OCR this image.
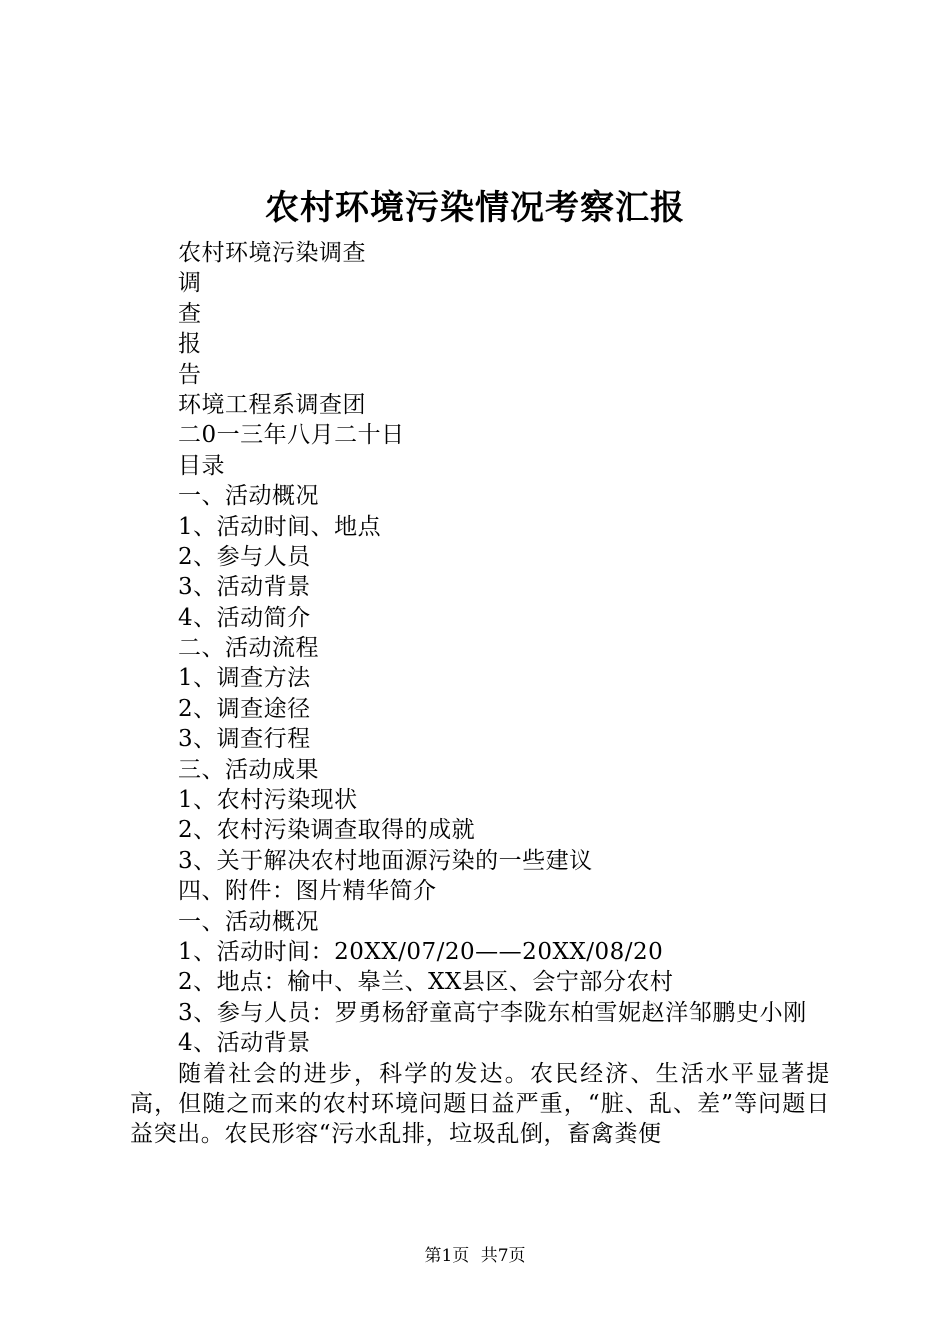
农村环境污染情况考察汇报
农村环境污染调查
调
查
报
告
环境工程系调查团
二0一三年八月二十日
目录
一、活动概况
1、活动时间、地点
2、参与人员
3、活动背景
4、活动简介
二、活动流程
1、调查方法
2、调查途径
3、调查行程
三、活动成果
1、农村污染现状
2、农村污染调查取得的成就
3、关于解决农村地面源污染的一些建议
四、附件：图片精华简介
一、活动概况
1、活动时间：20XX/07/20——20XX/08/20
2、地点：榆中、皋兰、XX县区、会宁部分农村
3、参与人员：罗勇杨舒童高宁李陇东柏雪妮赵洋邹鹏史小刚
4、活动背景
随着社会的进步，科学的发达。农民经济、生活水平显著提高，但随之而来的农村环境问题日益严重，“脏、乱、差”等问题日益突出。农民形容“污水乱排，垃圾乱倒，畜禽粪便
第1页 共7页
